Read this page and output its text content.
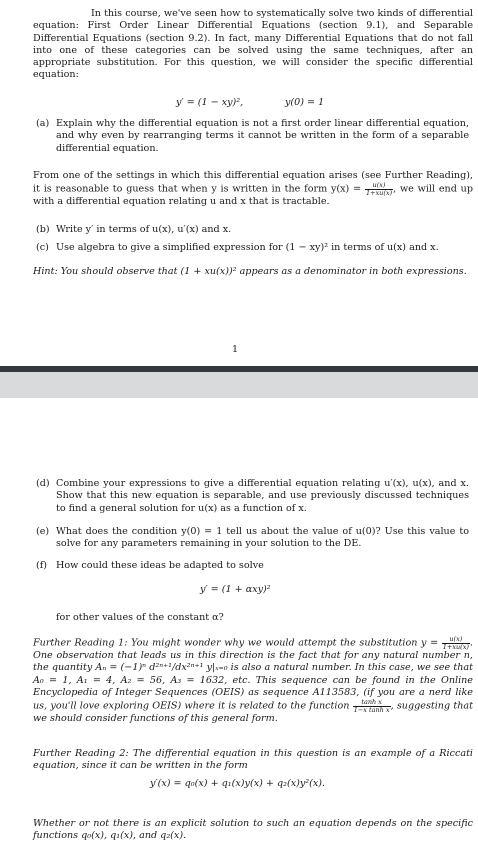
In this course, we've seen how to systematically solve two kinds of differential equation: First Order Linear Differential Equations (section 9.1), and Separable Differential Equations (section 9.2). In fact, many Differential Equations that do not fall into one of these categories can be solved using the same techniques, after an appropriate substitution. For this question, we will consider the specific differential equation:

y′ = (1 − xy)²,	y(0) = 1
(a) Explain why the differential equation is not a first order linear differential equation, and why even by rearranging terms it cannot be written in the form of a separable differential equation.

From one of the settings in which this differential equation arises (see Further Reading), it is reasonable to guess that when y is written in the form $y(x) = \frac{u(x)}{1+xu(x)}$ , we will end up with a differential equation relating u and x that is tractable.

(b) Write y′ in terms of u(x), u′(x) and x.
(c) Use algebra to give a simplified expression for (1 − xy)² in terms of u(x) and x.

Hint: You should observe that (1 + xu(x))² appears as a denominator in both expressions.

1
(d) Combine your expressions to give a differential equation relating u′(x), u(x), and x. Show that this new equation is separable, and use previously discussed techniques to find a general solution for u(x) as a function of x.
(e) What does the condition y(0) = 1 tell us about the value of u(0)? Use this value to solve for any parameters remaining in your solution to the DE.
(f) How could these ideas be adapted to solve
y′ = (1 + αxy)²

for other values of the constant α?

Further Reading 1: You might wonder why we would attempt the substitution $y = \frac{u(x)}{1+xu(x)}$ . One observation that leads us in this direction is the fact that for any natural number n, the quantity Aₙ = (−1)ⁿ d²ⁿ⁺¹/dx²ⁿ⁺¹ y|ₓ₌₀ is also a natural number. In this case, we see that A₀ = 1, A₁ = 4, A₂ = 56, A₃ = 1632, etc. This sequence can be found in the Online Encyclopedia of Integer Sequences (OEIS) as sequence A113583, (if you are a nerd like us, you'll love exploring OEIS) where it is related to the function $\frac{\text{tanh x}}{\text{1−x tanh x}}$ , suggesting that we should consider functions of this general form.

Further Reading 2: The differential equation in this question is an example of a Riccati equation, since it can be written in the form

y′(x) = q₀(x) + q₁(x)y(x) + q₂(x)y²(x).

Whether or not there is an explicit solution to such an equation depends on the specific functions q₀(x), q₁(x), and q₂(x).
